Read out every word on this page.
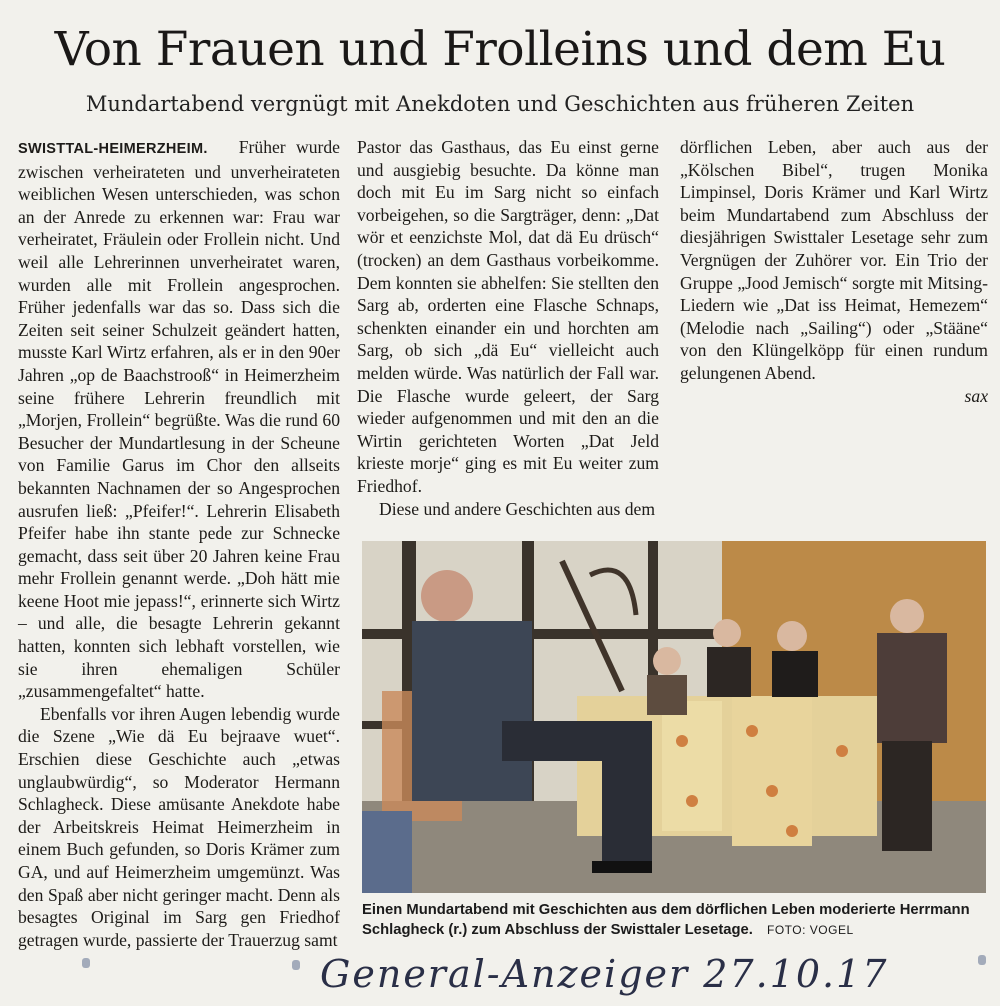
Von Frauen und Frolleins und dem Eu
Mundartabend vergnügt mit Anekdoten und Geschichten aus früheren Zeiten

SWISTTAL-HEIMERZHEIM. Früher wurde zwischen verheirateten und unverheirateten weiblichen Wesen unterschieden, was schon an der Anrede zu erkennen war: Frau war verheiratet, Fräulein oder Frollein nicht. Und weil alle Lehrerinnen unverheiratet waren, wurden alle mit Frollein angesprochen. Früher jedenfalls war das so. Dass sich die Zeiten seit seiner Schulzeit geändert hatten, musste Karl Wirtz erfahren, als er in den 90er Jahren „op de Baachstrooß“ in Heimerzheim seine frühere Lehrerin freundlich mit „Morjen, Frollein“ begrüßte. Was die rund 60 Besucher der Mundartlesung in der Scheune von Familie Garus im Chor den allseits bekannten Nachnamen der so Angesprochen ausrufen ließ: „Pfeifer!“. Lehrerin Elisabeth Pfeifer habe ihn stante pede zur Schnecke gemacht, dass seit über 20 Jahren keine Frau mehr Frollein genannt werde. „Doh hätt mie keene Hoot mie jepass!“, erinnerte sich Wirtz – und alle, die besagte Lehrerin gekannt hatten, konnten sich lebhaft vorstellen, wie sie ihren ehemaligen Schüler „zusammengefaltet“ hatte.

Ebenfalls vor ihren Augen lebendig wurde die Szene „Wie dä Eu bejraave wuet“. Erschien diese Geschichte auch „etwas unglaubwürdig“, so Moderator Hermann Schlagheck. Diese amüsante Anekdote habe der Arbeitskreis Heimat Heimerzheim in einem Buch gefunden, so Doris Krämer zum GA, und auf Heimerzheim umgemünzt. Was den Spaß aber nicht geringer macht. Denn als besagtes Original im Sarg gen Friedhof getragen wurde, passierte der Trauerzug samt

Pastor das Gasthaus, das Eu einst gerne und ausgiebig besuchte. Da könne man doch mit Eu im Sarg nicht so einfach vorbeigehen, so die Sargträger, denn: „Dat wör et eenzichste Mol, dat dä Eu drüsch“ (trocken) an dem Gasthaus vorbeikomme. Dem konnten sie abhelfen: Sie stellten den Sarg ab, orderten eine Flasche Schnaps, schenkten einander ein und horchten am Sarg, ob sich „dä Eu“ vielleicht auch melden würde. Was natürlich der Fall war. Die Flasche wurde geleert, der Sarg wieder aufgenommen und mit den an die Wirtin gerichteten Worten „Dat Jeld krieste morje“ ging es mit Eu weiter zum Friedhof.

Diese und andere Geschichten aus dem

dörflichen Leben, aber auch aus der „Kölschen Bibel“, trugen Monika Limpinsel, Doris Krämer und Karl Wirtz beim Mundartabend zum Abschluss der diesjährigen Swisttaler Lesetage sehr zum Vergnügen der Zuhörer vor. Ein Trio der Gruppe „Jood Jemisch“ sorgte mit Mitsing-Liedern wie „Dat iss Heimat, Hemezem“ (Melodie nach „Sailing“) oder „Stääne“ von den Klüngelköpp für einen rundum gelungenen Abend.

sax

Einen Mundartabend mit Geschichten aus dem dörflichen Leben moderierte Herrmann Schlagheck (r.) zum Abschluss der Swisttaler Lesetage. FOTO: VOGEL
General-Anzeiger 27.10.17
